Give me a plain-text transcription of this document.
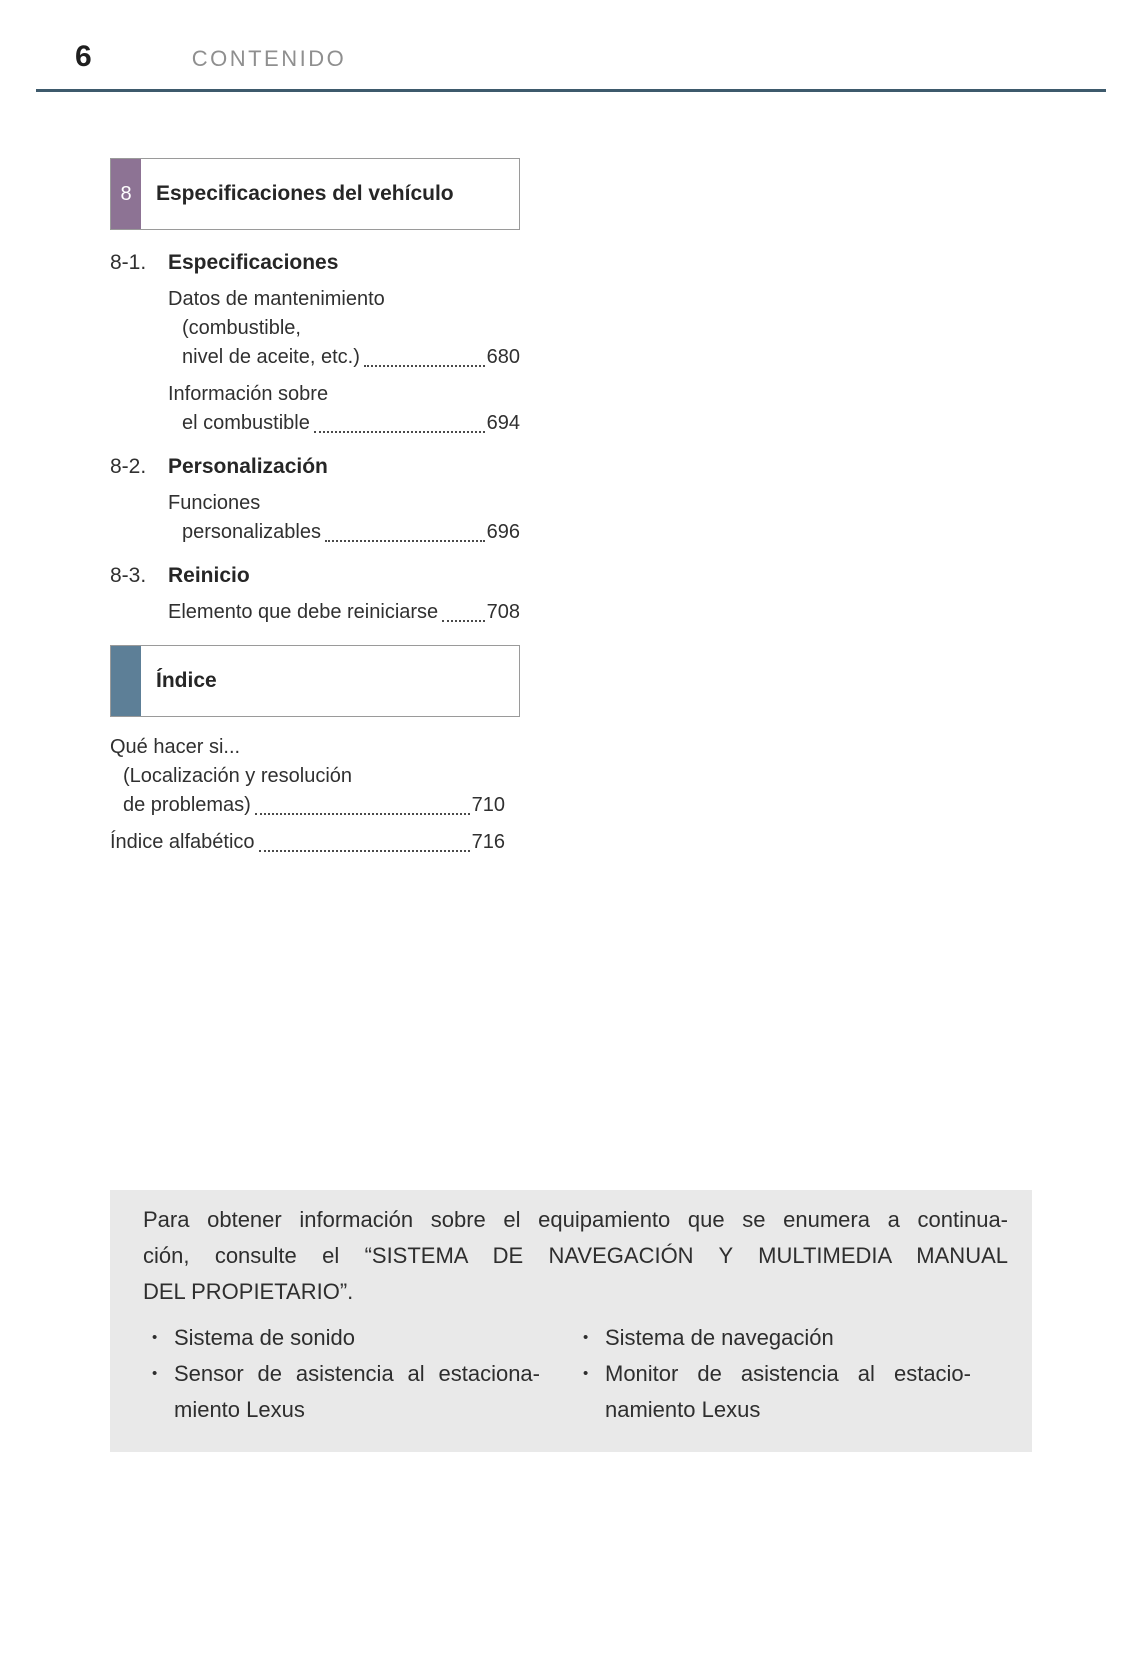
6	CONTENIDO
8	Especificaciones del vehículo
8-1.	Especificaciones
Datos de mantenimiento
(combustible,
nivel de aceite, etc.)	680
Información sobre
el combustible	694
8-2.	Personalización
Funciones
personalizables	696
8-3.	Reinicio
Elemento que debe reiniciarse 708
Índice
Qué hacer si...
(Localización y resolución
de problemas)	710
Índice alfabético	716
Para obtener información sobre el equipamiento que se enumera a continua-
ción, consulte el “SISTEMA DE NAVEGACIÓN Y MULTIMEDIA MANUAL
DEL PROPIETARIO”.
• Sistema de sonido
• Sensor de asistencia al estaciona-
miento Lexus
• Sistema de navegación
• Monitor de asistencia al estacio-
namiento Lexus
